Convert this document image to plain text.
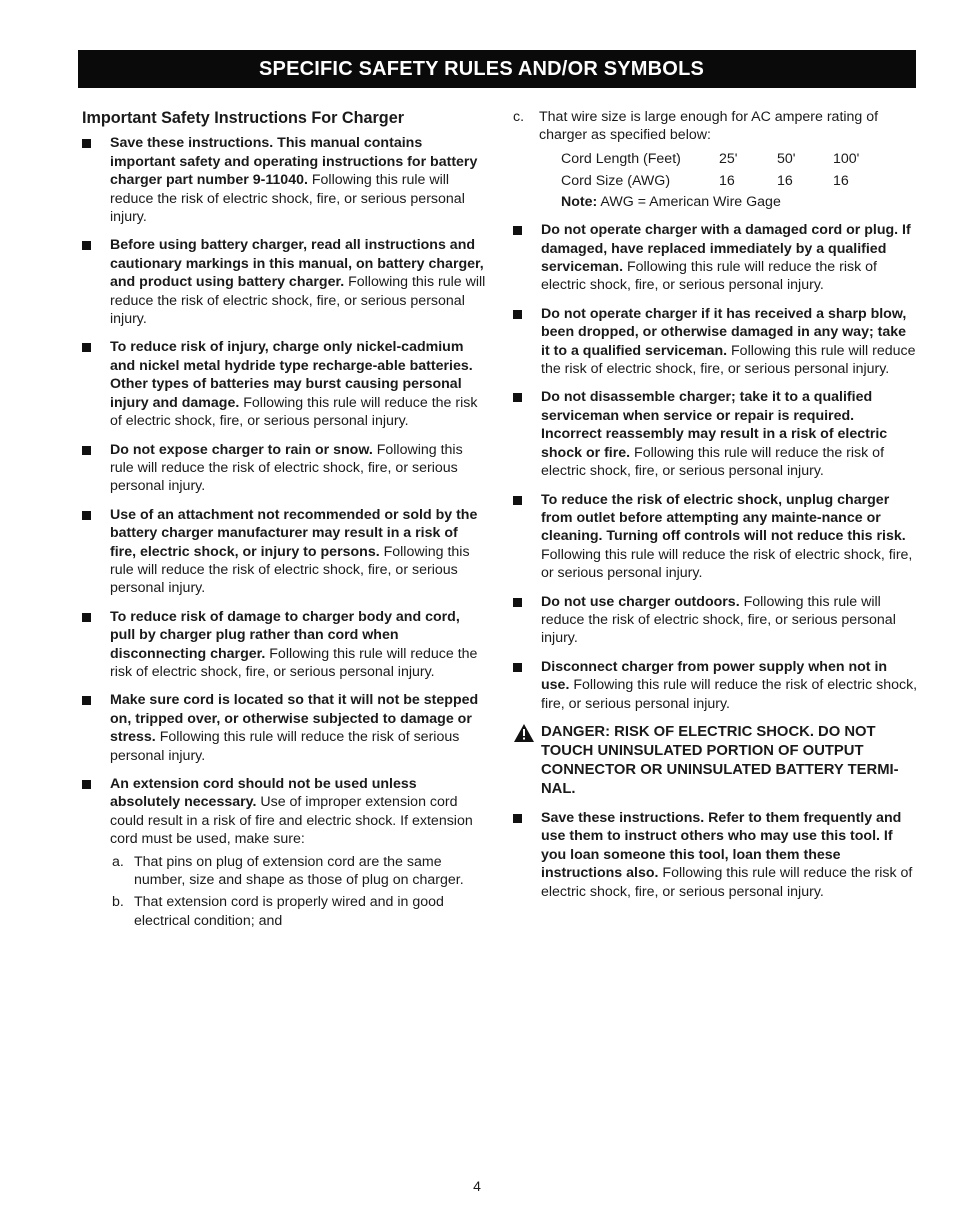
SPECIFIC SAFETY RULES AND/OR SYMBOLS
Important Safety Instructions For Charger
Save these instructions. This manual contains important safety and operating instructions for battery charger part number 9-11040. Following this rule will reduce the risk of electric shock, fire, or serious personal injury.
Before using battery charger, read all instructions and cautionary markings in this manual, on battery charger, and product using battery charger. Following this rule will reduce the risk of electric shock, fire, or serious personal injury.
To reduce risk of injury, charge only nickel-cadmium and nickel metal hydride type recharge-able batteries. Other types of batteries may burst causing personal injury and damage. Following this rule will reduce the risk of electric shock, fire, or serious personal injury.
Do not expose charger to rain or snow. Following this rule will reduce the risk of electric shock, fire, or serious personal injury.
Use of an attachment not recommended or sold by the battery charger manufacturer may result in a risk of fire, electric shock, or injury to persons. Following this rule will reduce the risk of electric shock, fire, or serious personal injury.
To reduce risk of damage to charger body and cord, pull by charger plug rather than cord when disconnecting charger. Following this rule will reduce the risk of electric shock, fire, or serious personal injury.
Make sure cord is located so that it will not be stepped on, tripped over, or otherwise subjected to damage or stress. Following this rule will reduce the risk of serious personal injury.
An extension cord should not be used unless absolutely necessary. Use of improper extension cord could result in a risk of fire and electric shock. If extension cord must be used, make sure:
a. That pins on plug of extension cord are the same number, size and shape as those of plug on charger.
b. That extension cord is properly wired and in good electrical condition; and
c. That wire size is large enough for AC ampere rating of charger as specified below:
Cord Length (Feet)	25'	50'	100'
Cord Size (AWG)	16	16	16
Note: AWG = American Wire Gage
Do not operate charger with a damaged cord or plug. If damaged, have replaced immediately by a qualified serviceman. Following this rule will reduce the risk of electric shock, fire, or serious personal injury.
Do not operate charger if it has received a sharp blow, been dropped, or otherwise damaged in any way; take it to a qualified serviceman. Following this rule will reduce the risk of electric shock, fire, or serious personal injury.
Do not disassemble charger; take it to a qualified serviceman when service or repair is required. Incorrect reassembly may result in a risk of electric shock or fire. Following this rule will reduce the risk of electric shock, fire, or serious personal injury.
To reduce the risk of electric shock, unplug charger from outlet before attempting any mainte-nance or cleaning. Turning off controls will not reduce this risk. Following this rule will reduce the risk of electric shock, fire, or serious personal injury.
Do not use charger outdoors. Following this rule will reduce the risk of electric shock, fire, or serious personal injury.
Disconnect charger from power supply when not in use. Following this rule will reduce the risk of electric shock, fire, or serious personal injury.
DANGER: RISK OF ELECTRIC SHOCK. DO NOT TOUCH UNINSULATED PORTION OF OUTPUT CONNECTOR OR UNINSULATED BATTERY TERMI-NAL.
Save these instructions. Refer to them frequently and use them to instruct others who may use this tool. If you loan someone this tool, loan them these instructions also. Following this rule will reduce the risk of electric shock, fire, or serious personal injury.
4
